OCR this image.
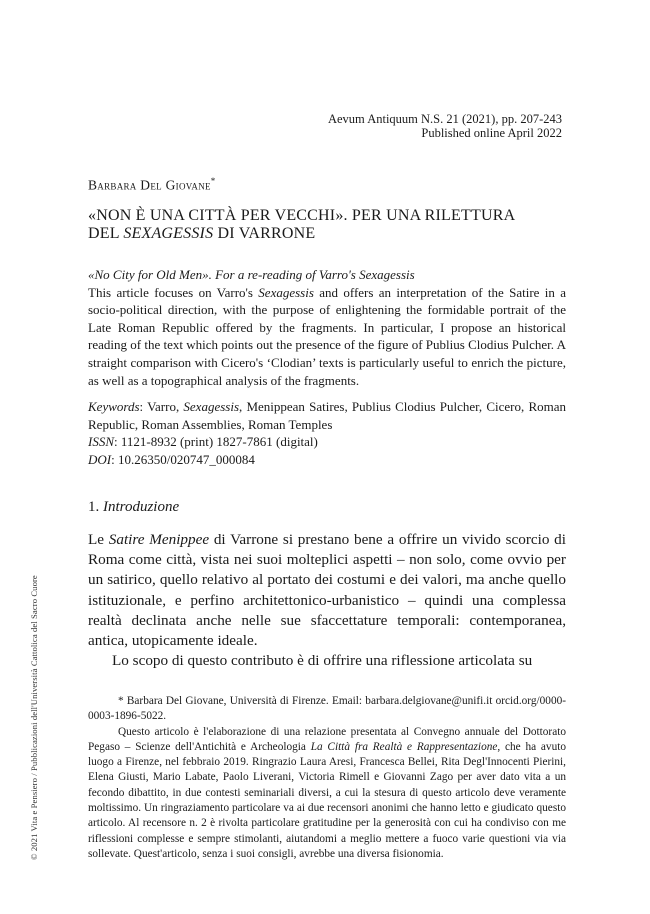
Aevum Antiquum N.S. 21 (2021), pp. 207-243
Published online April 2022
Barbara Del Giovane*
«NON È UNA CITTÀ PER VECCHI». PER UNA RILETTURA
DEL SEXAGESSIS DI VARRONE
«No City for Old Men». For a re-reading of Varro's Sexagessis
This article focuses on Varro's Sexagessis and offers an interpretation of the Satire in a socio-political direction, with the purpose of enlightening the formidable portrait of the Late Roman Republic offered by the fragments. In particular, I propose an historical reading of the text which points out the presence of the figure of Publius Clodius Pulcher. A straight comparison with Cicero's ‘Clodian’ texts is particularly useful to enrich the picture, as well as a topographical analysis of the fragments.
Keywords: Varro, Sexagessis, Menippean Satires, Publius Clodius Pulcher, Cicero, Roman Republic, Roman Assemblies, Roman Temples
ISSN: 1121-8932 (print) 1827-7861 (digital)
DOI: 10.26350/020747_000084
1. Introduzione

Le Satire Menippee di Varrone si prestano bene a offrire un vivido scorcio di Roma come città, vista nei suoi molteplici aspetti – non solo, come ovvio per un satirico, quello relativo al portato dei costumi e dei valori, ma anche quello istituzionale, e perfino architettonico-urbanistico – quindi una complessa realtà declinata anche nelle sue sfaccettature temporali: contemporanea, antica, utopicamente ideale.

Lo scopo di questo contributo è di offrire una riflessione articolata su

* Barbara Del Giovane, Università di Firenze. Email: barbara.delgiovane@unifi.it orcid.org/0000-0003-1896-5022.

Questo articolo è l'elaborazione di una relazione presentata al Convegno annuale del Dottorato Pegaso – Scienze dell'Antichità e Archeologia La Città fra Realtà e Rappresentazione, che ha avuto luogo a Firenze, nel febbraio 2019. Ringrazio Laura Aresi, Francesca Bellei, Rita Degl'Innocenti Pierini, Elena Giusti, Mario Labate, Paolo Liverani, Victoria Rimell e Giovanni Zago per aver dato vita a un fecondo dibattito, in due contesti seminariali diversi, a cui la stesura di questo articolo deve veramente moltissimo. Un ringraziamento particolare va ai due recensori anonimi che hanno letto e giudicato questo articolo. Al recensore n. 2 è rivolta particolare gratitudine per la generosità con cui ha condiviso con me riflessioni complesse e sempre stimolanti, aiutandomi a meglio mettere a fuoco varie questioni via via sollevate. Quest'articolo, senza i suoi consigli, avrebbe una diversa fisionomia.

© 2021 Vita e Pensiero / Pubblicazioni dell'Università Cattolica del Sacro Cuore
